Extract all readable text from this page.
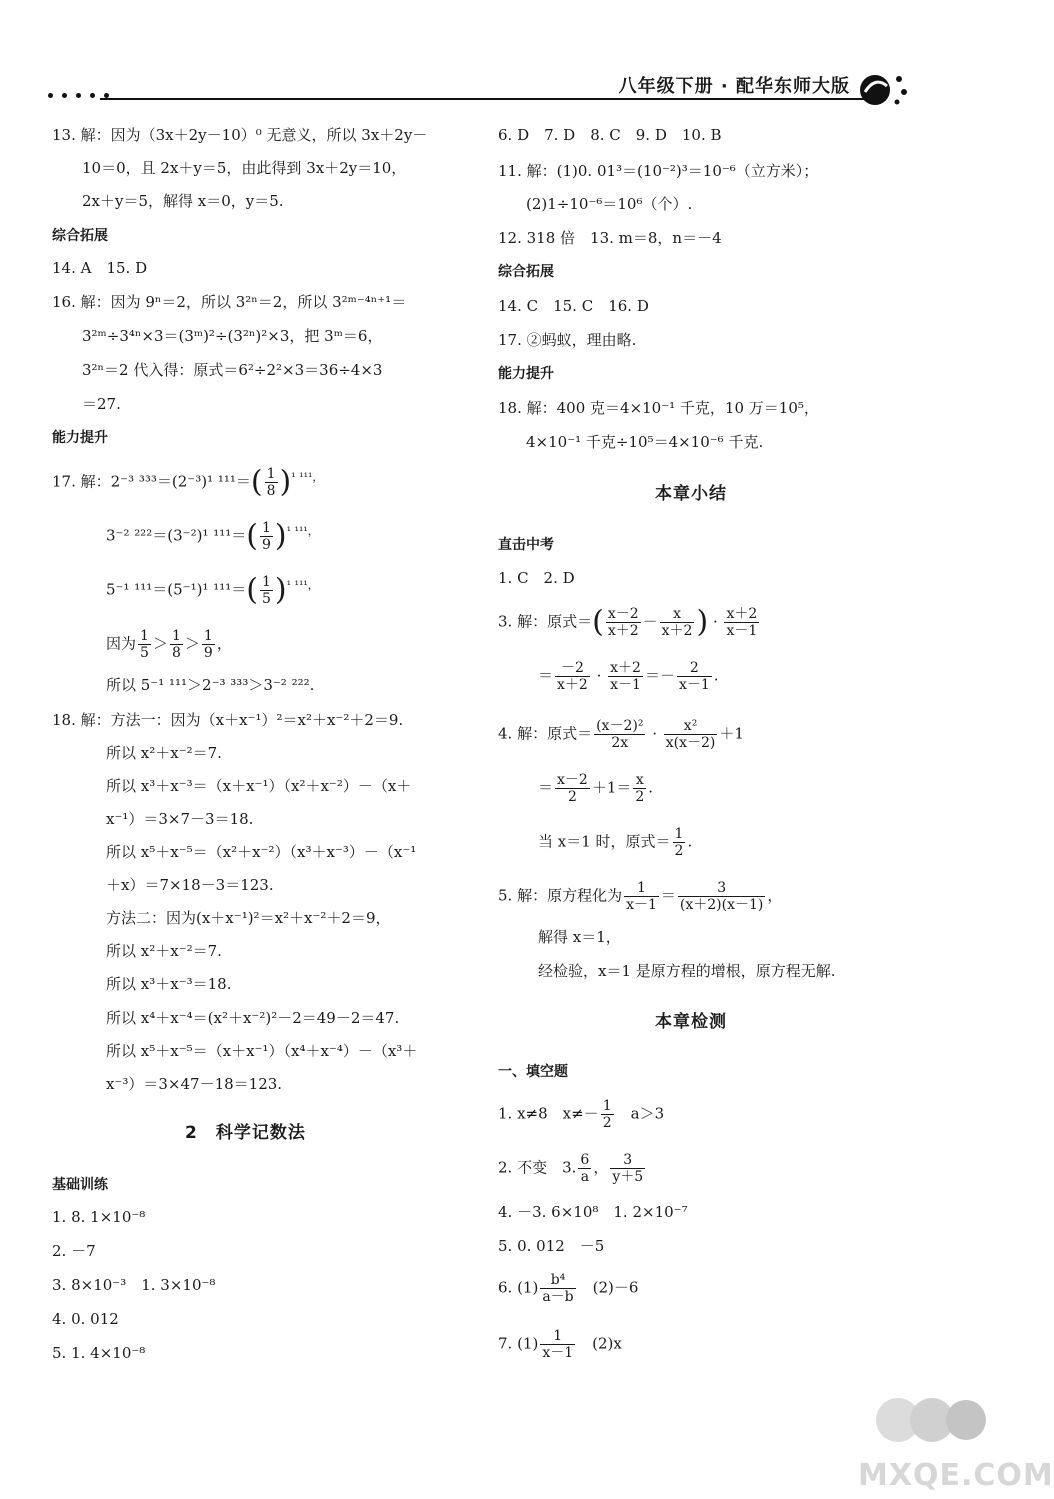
八年级下册 · 配华东师大版
13. 解：因为（3x＋2y－10）⁰ 无意义，所以 3x＋2y－
10＝0，且 2x＋y＝5，由此得到 3x＋2y＝10，
2x＋y＝5，解得 x＝0，y＝5.
综合拓展
14. A　15. D
16. 解：因为 9ⁿ＝2，所以 3²ⁿ＝2，所以 3²ᵐ⁻⁴ⁿ⁺¹＝
3²ᵐ÷3⁴ⁿ×3＝(3ᵐ)²÷(3²ⁿ)²×3，把 3ᵐ＝6，
3²ⁿ＝2 代入得：原式＝6²÷2²×3＝36÷4×3
＝27.
能力提升
17. 解：2⁻³ ³³³＝(2⁻³)¹ $^{111}=( \frac{1}{8} )^{^1 ^{111},}$
3⁻² ²²²＝(3⁻²)¹ $^{111}=( \frac{1}{9} )^{^1 ^{111},}$
5⁻¹ ¹¹¹＝(5⁻¹)¹ $^{111}=( \frac{1}{5} )^{^1 ^{111},}$
因为 $\frac{1}{5} > \frac{1}{8} > \frac{1}{9}$ ，
所以 5⁻¹ ¹¹¹＞2⁻³ ³³³＞3⁻² ²²².
18. 解：方法一：因为（x＋x⁻¹）²＝x²＋x⁻²＋2＝9.
所以 x²＋x⁻²＝7.
所以 x³＋x⁻³＝（x＋x⁻¹）（x²＋x⁻²）－（x＋
x⁻¹）＝3×7－3＝18.
所以 x⁵＋x⁻⁵＝（x²＋x⁻²）（x³＋x⁻³）－（x⁻¹
＋x）＝7×18－3＝123.
方法二：因为(x＋x⁻¹)²＝x²＋x⁻²＋2＝9，
所以 x²＋x⁻²＝7.
所以 x³＋x⁻³＝18.
所以 x⁴＋x⁻⁴＝(x²＋x⁻²)²－2＝49－2＝47.
所以 x⁵＋x⁻⁵＝（x＋x⁻¹）（x⁴＋x⁻⁴）－（x³＋
x⁻³）＝3×47－18＝123.
2　科学记数法
基础训练
1. 8. 1×10⁻⁸
2. －7
3. 8×10⁻³　1. 3×10⁻⁸
4. 0. 012
5. 1. 4×10⁻⁸
6. D　7. D　8. C　9. D　10. B
11. 解：(1)0. 01³＝(10⁻²)³＝10⁻⁶（立方米）；
(2)1÷10⁻⁶＝10⁶（个）.
12. 318 倍　13. m＝8，n＝－4
综合拓展
14. C　15. C　16. D
17. ②蚂蚁，理由略.
能力提升
18. 解：400 克＝4×10⁻¹ 千克，10 万＝10⁵，
4×10⁻¹ 千克÷10⁵＝4×10⁻⁶ 千克.
本章小结
直击中考
1. C　2. D
3. 解：原式＝( $\frac{x-2}{x+2} - \frac{x}{x+2}$ ) · $\frac{x+2}{x-1}$
＝ $\frac{-2}{x+2} \cdot \frac{x+2}{x-1} =- \frac{2}{x-1}$ .
4. 解：原式＝ $\frac{\text{(x－2)²}}{2x} \cdot \frac{\text{x²}}{x(x-2)} +1$
＝ $\frac{x-2}{2} +1= \frac{x}{2}$ .
当 x＝1 时，原式＝ $\frac{1}{2}$ .
5. 解：原方程化为 $\frac{1}{x-1} = \frac{3}{(x+2)(x-1)}$ ，
解得 x＝1，
经检验，x＝1 是原方程的增根，原方程无解.
本章检测
一、填空题
1. x≠8　$x\ne- \frac{1}{2}$
　 a＞3
2. 不变　3. $\frac{6}{a}$ ， $\frac{3}{y+5}$
4. －3. 6×10⁸　1. 2×10⁻⁷
5. 0. 012　－5
6. $(1) \frac{\text{b⁴}}{a-b}$
　 (2)－6
7. $(1) \frac{1}{x-1}$
　 (2)x
MXQE.COM
